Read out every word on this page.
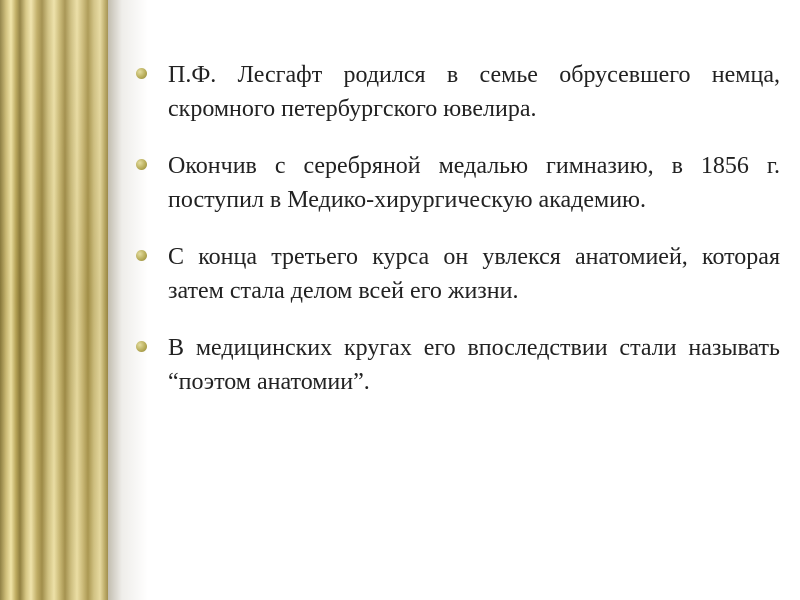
П.Ф. Лесгафт родился в семье обрусевшего немца, скромного петербургского ювелира.
Окончив с серебряной медалью гимназию, в 1856 г. поступил в Медико-хирургическую академию.
С конца третьего курса он увлекся анатомией, которая затем стала делом всей его жизни.
В медицинских кругах его впоследствии стали называть “поэтом анатомии”.
